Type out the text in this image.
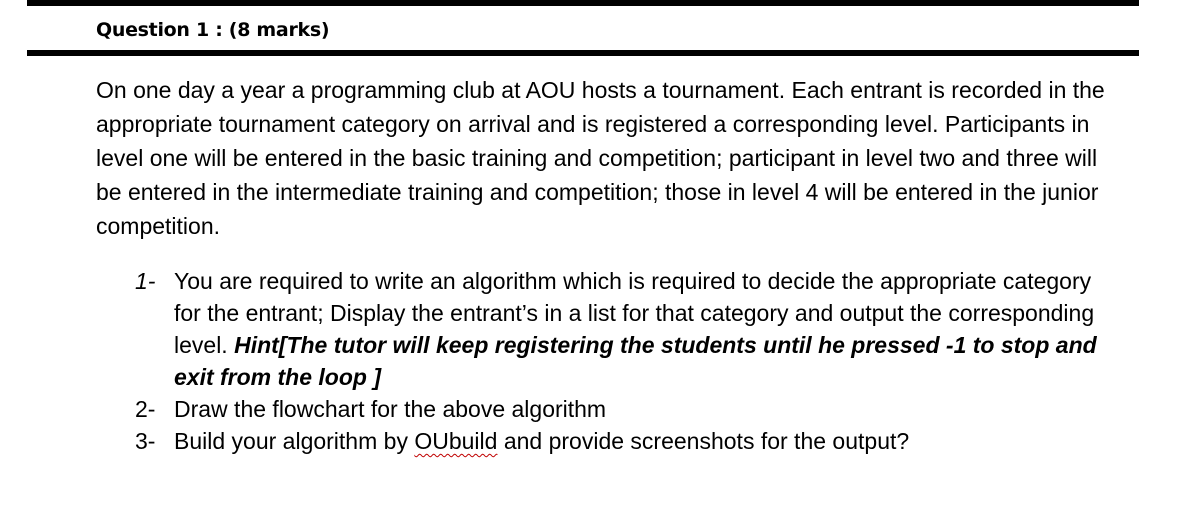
Question 1 : (8 marks)

On one day a year a programming club at AOU hosts a tournament. Each entrant is recorded in the appropriate tournament category on arrival and is registered a corresponding level. Participants in level one will be entered in the basic training and competition; participant in level two and three will be entered in the intermediate training and competition; those in level 4 will be entered in the junior competition.

1- You are required to write an algorithm which is required to decide the appropriate category for the entrant; Display the entrant’s in a list for that category and output the corresponding level. Hint[The tutor will keep registering the students until he pressed -1 to stop and exit from the loop ]
2- Draw the flowchart for the above algorithm
3- Build your algorithm by OUbuild and provide screenshots for the output?
